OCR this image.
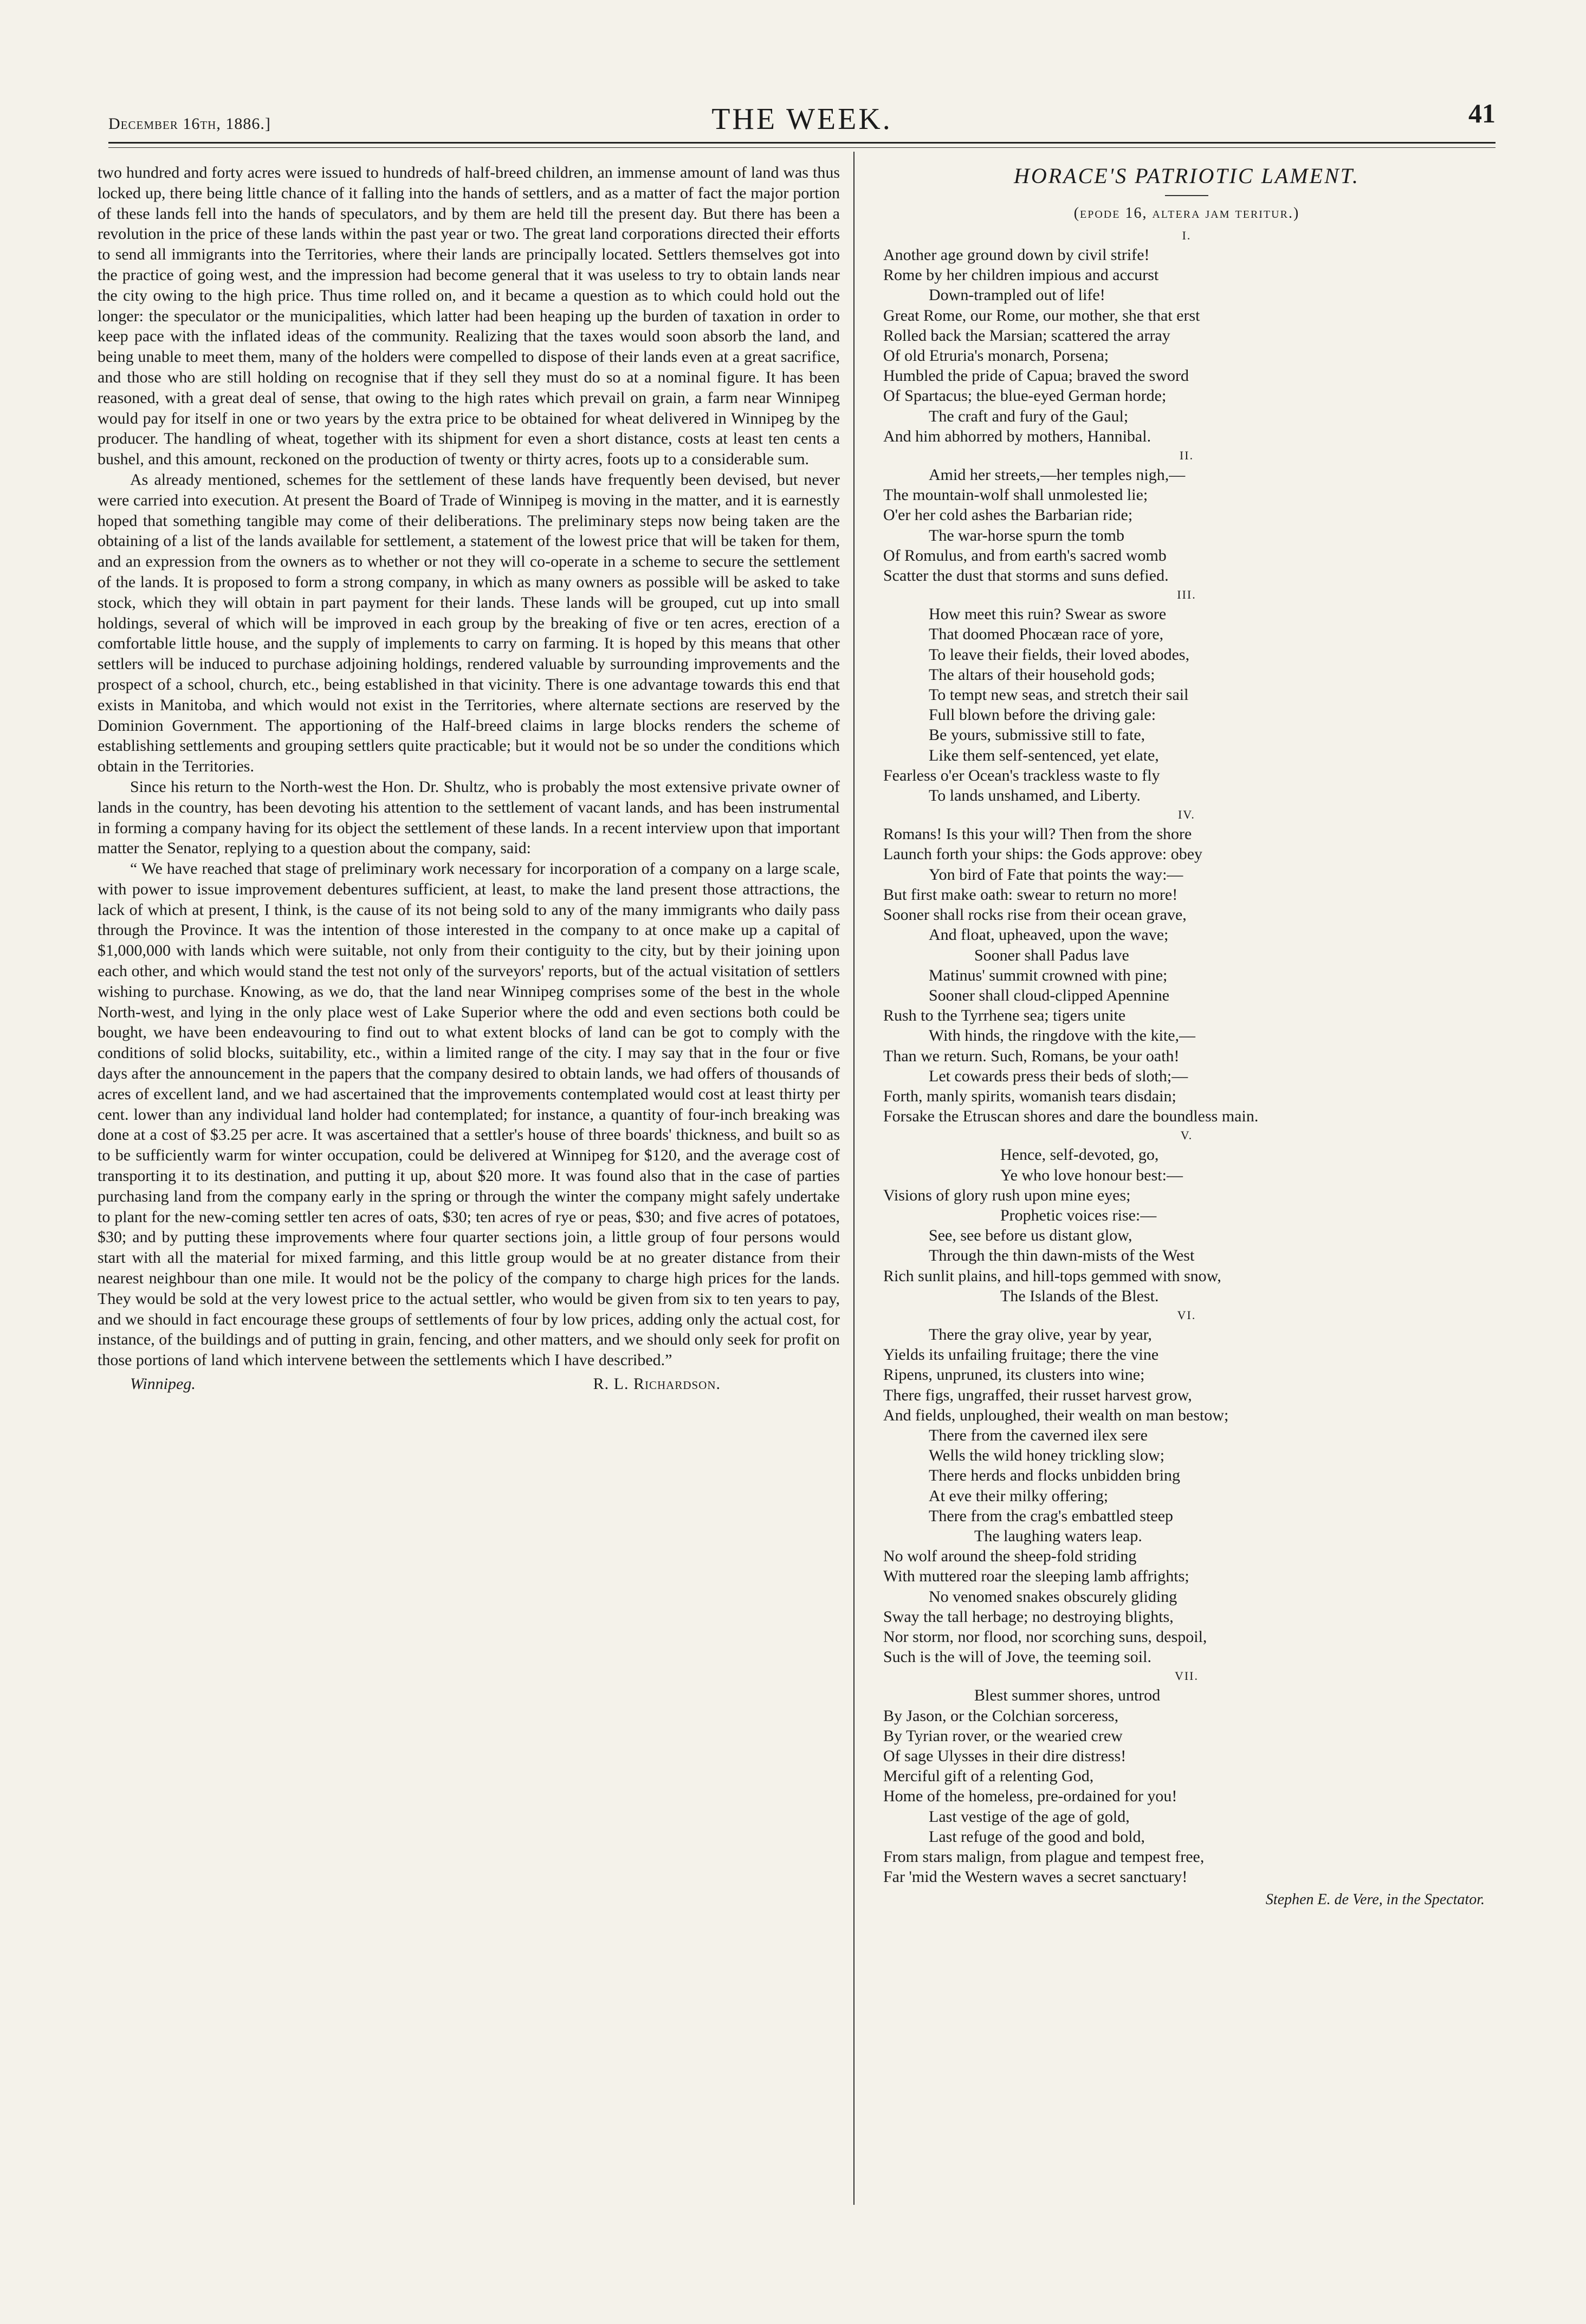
December 16th, 1886.]	THE WEEK.	41

two hundred and forty acres were issued to hundreds of half-breed children, an immense amount of land was thus locked up, there being little chance of it falling into the hands of settlers, and as a matter of fact the major portion of these lands fell into the hands of speculators, and by them are held till the present day. But there has been a revolution in the price of these lands within the past year or two. The great land corporations directed their efforts to send all immigrants into the Territories, where their lands are principally located. Settlers themselves got into the practice of going west, and the impression had become general that it was useless to try to obtain lands near the city owing to the high price. Thus time rolled on, and it became a question as to which could hold out the longer: the speculator or the municipalities, which latter had been heaping up the burden of taxation in order to keep pace with the inflated ideas of the community. Realizing that the taxes would soon absorb the land, and being unable to meet them, many of the holders were compelled to dispose of their lands even at a great sacrifice, and those who are still holding on recognise that if they sell they must do so at a nominal figure. It has been reasoned, with a great deal of sense, that owing to the high rates which prevail on grain, a farm near Winnipeg would pay for itself in one or two years by the extra price to be obtained for wheat delivered in Winnipeg by the producer. The handling of wheat, together with its shipment for even a short distance, costs at least ten cents a bushel, and this amount, reckoned on the production of twenty or thirty acres, foots up to a considerable sum.

As already mentioned, schemes for the settlement of these lands have frequently been devised, but never were carried into execution. At present the Board of Trade of Winnipeg is moving in the matter, and it is earnestly hoped that something tangible may come of their deliberations. The preliminary steps now being taken are the obtaining of a list of the lands available for settlement, a statement of the lowest price that will be taken for them, and an expression from the owners as to whether or not they will co-operate in a scheme to secure the settlement of the lands. It is proposed to form a strong company, in which as many owners as possible will be asked to take stock, which they will obtain in part payment for their lands. These lands will be grouped, cut up into small holdings, several of which will be improved in each group by the breaking of five or ten acres, erection of a comfortable little house, and the supply of implements to carry on farming. It is hoped by this means that other settlers will be induced to purchase adjoining holdings, rendered valuable by surrounding improvements and the prospect of a school, church, etc., being established in that vicinity. There is one advantage towards this end that exists in Manitoba, and which would not exist in the Territories, where alternate sections are reserved by the Dominion Government. The apportioning of the Half-breed claims in large blocks renders the scheme of establishing settlements and grouping settlers quite practicable; but it would not be so under the conditions which obtain in the Territories.

Since his return to the North-west the Hon. Dr. Shultz, who is probably the most extensive private owner of lands in the country, has been devoting his attention to the settlement of vacant lands, and has been instrumental in forming a company having for its object the settlement of these lands. In a recent interview upon that important matter the Senator, replying to a question about the company, said:

“ We have reached that stage of preliminary work necessary for incorporation of a company on a large scale, with power to issue improvement debentures sufficient, at least, to make the land present those attractions, the lack of which at present, I think, is the cause of its not being sold to any of the many immigrants who daily pass through the Province. It was the intention of those interested in the company to at once make up a capital of $1,000,000 with lands which were suitable, not only from their contiguity to the city, but by their joining upon each other, and which would stand the test not only of the surveyors' reports, but of the actual visitation of settlers wishing to purchase. Knowing, as we do, that the land near Winnipeg comprises some of the best in the whole North-west, and lying in the only place west of Lake Superior where the odd and even sections both could be bought, we have been endeavouring to find out to what extent blocks of land can be got to comply with the conditions of solid blocks, suitability, etc., within a limited range of the city. I may say that in the four or five days after the announcement in the papers that the company desired to obtain lands, we had offers of thousands of acres of excellent land, and we had ascertained that the improvements contemplated would cost at least thirty per cent. lower than any individual land holder had contemplated; for instance, a quantity of four-inch breaking was done at a cost of $3.25 per acre. It was ascertained that a settler's house of three boards' thickness, and built so as to be sufficiently warm for winter occupation, could be delivered at Winnipeg for $120, and the average cost of transporting it to its destination, and putting it up, about $20 more. It was found also that in the case of parties purchasing land from the company early in the spring or through the winter the company might safely undertake to plant for the new-coming settler ten acres of oats, $30; ten acres of rye or peas, $30; and five acres of potatoes, $30; and by putting these improvements where four quarter sections join, a little group of four persons would start with all the material for mixed farming, and this little group would be at no greater distance from their nearest neighbour than one mile. It would not be the policy of the company to charge high prices for the lands. They would be sold at the very lowest price to the actual settler, who would be given from six to ten years to pay, and we should in fact encourage these groups of settlements of four by low prices, adding only the actual cost, for instance, of the buildings and of putting in grain, fencing, and other matters, and we should only seek for profit on those portions of land which intervene between the settlements which I have described.”

Winnipeg.	R. L. Richardson.
HORACE'S PATRIOTIC LAMENT.
(epode 16, altera jam teritur.)
I.
Another age ground down by civil strife!
Rome by her children impious and accurst
Down-trampled out of life!
Great Rome, our Rome, our mother, she that erst
Rolled back the Marsian; scattered the array
Of old Etruria's monarch, Porsena;
Humbled the pride of Capua; braved the sword
Of Spartacus; the blue-eyed German horde;
The craft and fury of the Gaul;
And him abhorred by mothers, Hannibal.
II.
Amid her streets,—her temples nigh,—
The mountain-wolf shall unmolested lie;
O'er her cold ashes the Barbarian ride;
The war-horse spurn the tomb
Of Romulus, and from earth's sacred womb
Scatter the dust that storms and suns defied.
III.
How meet this ruin? Swear as swore
That doomed Phocæan race of yore,
To leave their fields, their loved abodes,
The altars of their household gods;
To tempt new seas, and stretch their sail
Full blown before the driving gale:
Be yours, submissive still to fate,
Like them self-sentenced, yet elate,
Fearless o'er Ocean's trackless waste to fly
To lands unshamed, and Liberty.
IV.
Romans! Is this your will? Then from the shore
Launch forth your ships: the Gods approve: obey
Yon bird of Fate that points the way:—
But first make oath: swear to return no more!
Sooner shall rocks rise from their ocean grave,
And float, upheaved, upon the wave;
Sooner shall Padus lave
Matinus' summit crowned with pine;
Sooner shall cloud-clipped Apennine
Rush to the Tyrrhene sea; tigers unite
With hinds, the ringdove with the kite,—
Than we return. Such, Romans, be your oath!
Let cowards press their beds of sloth;—
Forth, manly spirits, womanish tears disdain;
Forsake the Etruscan shores and dare the boundless main.
V.
Hence, self-devoted, go,
Ye who love honour best:—
Visions of glory rush upon mine eyes;
Prophetic voices rise:—
See, see before us distant glow,
Through the thin dawn-mists of the West
Rich sunlit plains, and hill-tops gemmed with snow,
The Islands of the Blest.
VI.
There the gray olive, year by year,
Yields its unfailing fruitage; there the vine
Ripens, unpruned, its clusters into wine;
There figs, ungraffed, their russet harvest grow,
And fields, unploughed, their wealth on man bestow;
There from the caverned ilex sere
Wells the wild honey trickling slow;
There herds and flocks unbidden bring
At eve their milky offering;
There from the crag's embattled steep
The laughing waters leap.
No wolf around the sheep-fold striding
With muttered roar the sleeping lamb affrights;
No venomed snakes obscurely gliding
Sway the tall herbage; no destroying blights,
Nor storm, nor flood, nor scorching suns, despoil,
Such is the will of Jove, the teeming soil.
VII.
Blest summer shores, untrod
By Jason, or the Colchian sorceress,
By Tyrian rover, or the wearied crew
Of sage Ulysses in their dire distress!
Merciful gift of a relenting God,
Home of the homeless, pre-ordained for you!
Last vestige of the age of gold,
Last refuge of the good and bold,
From stars malign, from plague and tempest free,
Far 'mid the Western waves a secret sanctuary!
Stephen E. de Vere, in the Spectator.
